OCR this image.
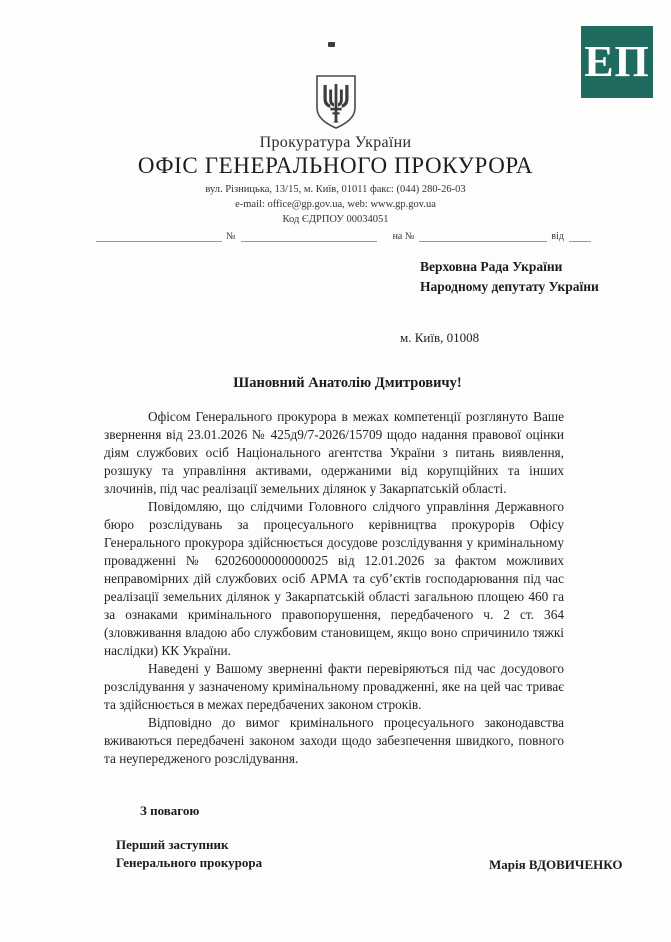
ЕП
Прокуратура України
ОФІС ГЕНЕРАЛЬНОГО ПРОКУРОРА
вул. Різницька, 13/15, м. Київ, 01011 факс: (044) 280-26-03
e-mail: office@gp.gov.ua, web: www.gp.gov.ua
Код ЄДРПОУ 00034051
№	на №	від
Верховна Рада України
Народному депутату України
м. Київ, 01008
Шановний Анатолію Дмитровичу!

Офісом Генерального прокурора в межах компетенції розглянуто Ваше звернення від 23.01.2026 № 425д9/7-2026/15709 щодо надання правової оцінки діям службових осіб Національного агентства України з питань виявлення, розшуку та управління активами, одержаними від корупційних та інших злочинів, під час реалізації земельних ділянок у Закарпатській області.

Повідомляю, що слідчими Головного слідчого управління Державного бюро розслідувань за процесуального керівництва прокурорів Офісу Генерального прокурора здійснюється досудове розслідування у кримінальному провадженні № 62026000000000025 від 12.01.2026 за фактом можливих неправомірних дій службових осіб АРМА та суб’єктів господарювання під час реалізації земельних ділянок у Закарпатській області загальною площею 460 га за ознаками кримінального правопорушення, передбаченого ч. 2 ст. 364 (зловживання владою або службовим становищем, якщо воно спричинило тяжкі наслідки) КК України.

Наведені у Вашому зверненні факти перевіряються під час досудового розслідування у зазначеному кримінальному провадженні, яке на цей час триває та здійснюється в межах передбачених законом строків.

Відповідно до вимог кримінального процесуального законодавства вживаються передбачені законом заходи щодо забезпечення швидкого, повного та неупередженого розслідування.

З повагою
Перший заступник
Генерального прокурора	Марія ВДОВИЧЕНКО
